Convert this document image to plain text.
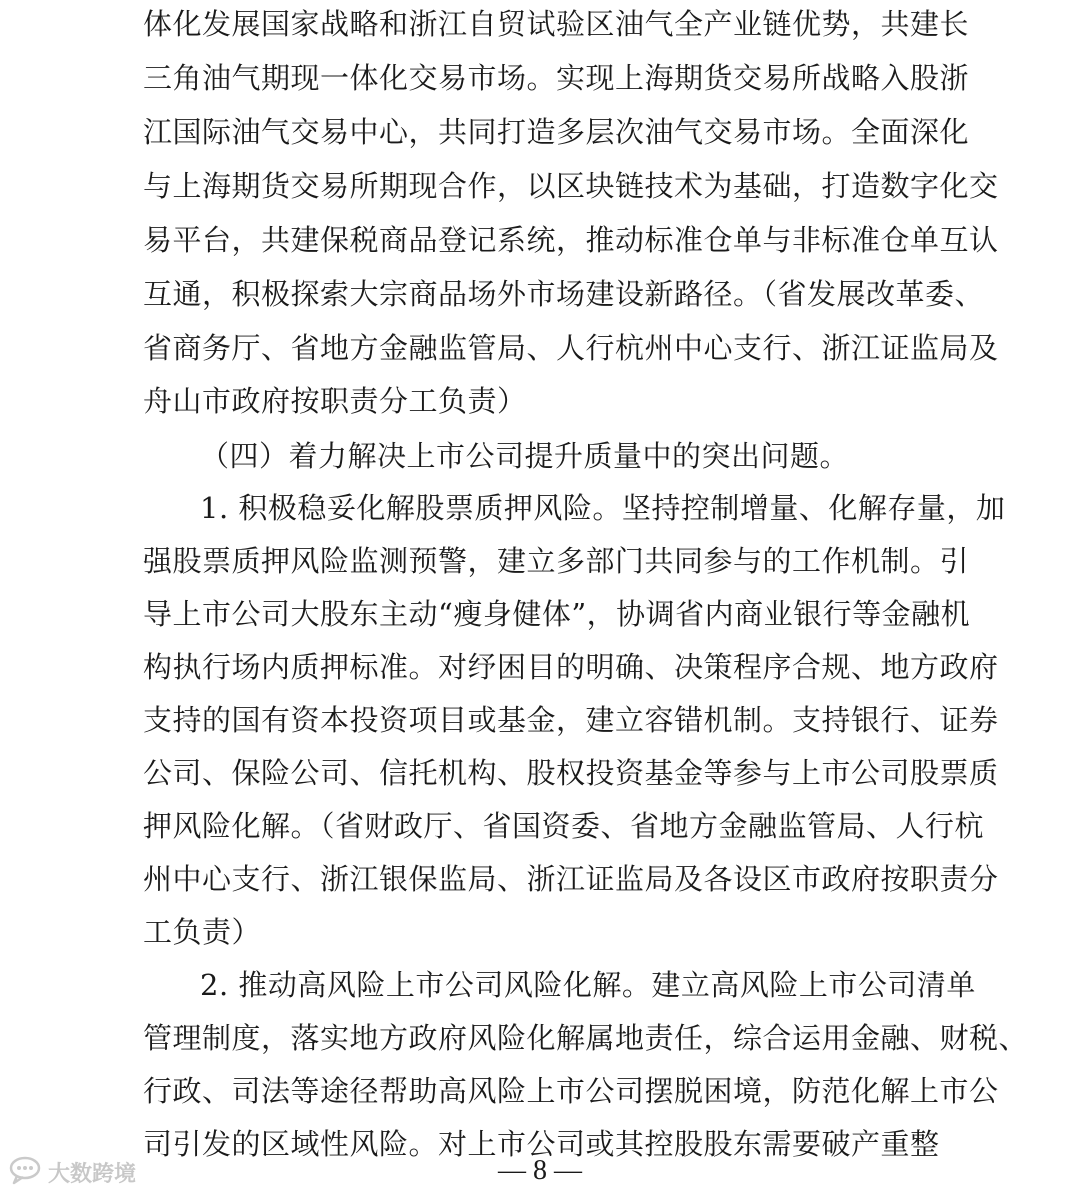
体化发展国家战略和浙江自贸试验区油气全产业链优势，共建长
三角油气期现一体化交易市场。实现上海期货交易所战略入股浙
江国际油气交易中心，共同打造多层次油气交易市场。全面深化
与上海期货交易所期现合作，以区块链技术为基础，打造数字化交
易平台，共建保税商品登记系统，推动标准仓单与非标准仓单互认
互通，积极探索大宗商品场外市场建设新路径。（省发展改革委、
省商务厅、省地方金融监管局、人行杭州中心支行、浙江证监局及
舟山市政府按职责分工负责）
（四）着力解决上市公司提升质量中的突出问题。
1. 积极稳妥化解股票质押风险。坚持控制增量、化解存量，加
强股票质押风险监测预警，建立多部门共同参与的工作机制。引
导上市公司大股东主动“瘦身健体”，协调省内商业银行等金融机
构执行场内质押标准。对纾困目的明确、决策程序合规、地方政府
支持的国有资本投资项目或基金，建立容错机制。支持银行、证券
公司、保险公司、信托机构、股权投资基金等参与上市公司股票质
押风险化解。（省财政厅、省国资委、省地方金融监管局、人行杭
州中心支行、浙江银保监局、浙江证监局及各设区市政府按职责分
工负责）
2. 推动高风险上市公司风险化解。建立高风险上市公司清单
管理制度，落实地方政府风险化解属地责任，综合运用金融、财税、
行政、司法等途径帮助高风险上市公司摆脱困境，防范化解上市公
司引发的区域性风险。对上市公司或其控股股东需要破产重整
— 8 —
大数跨境
